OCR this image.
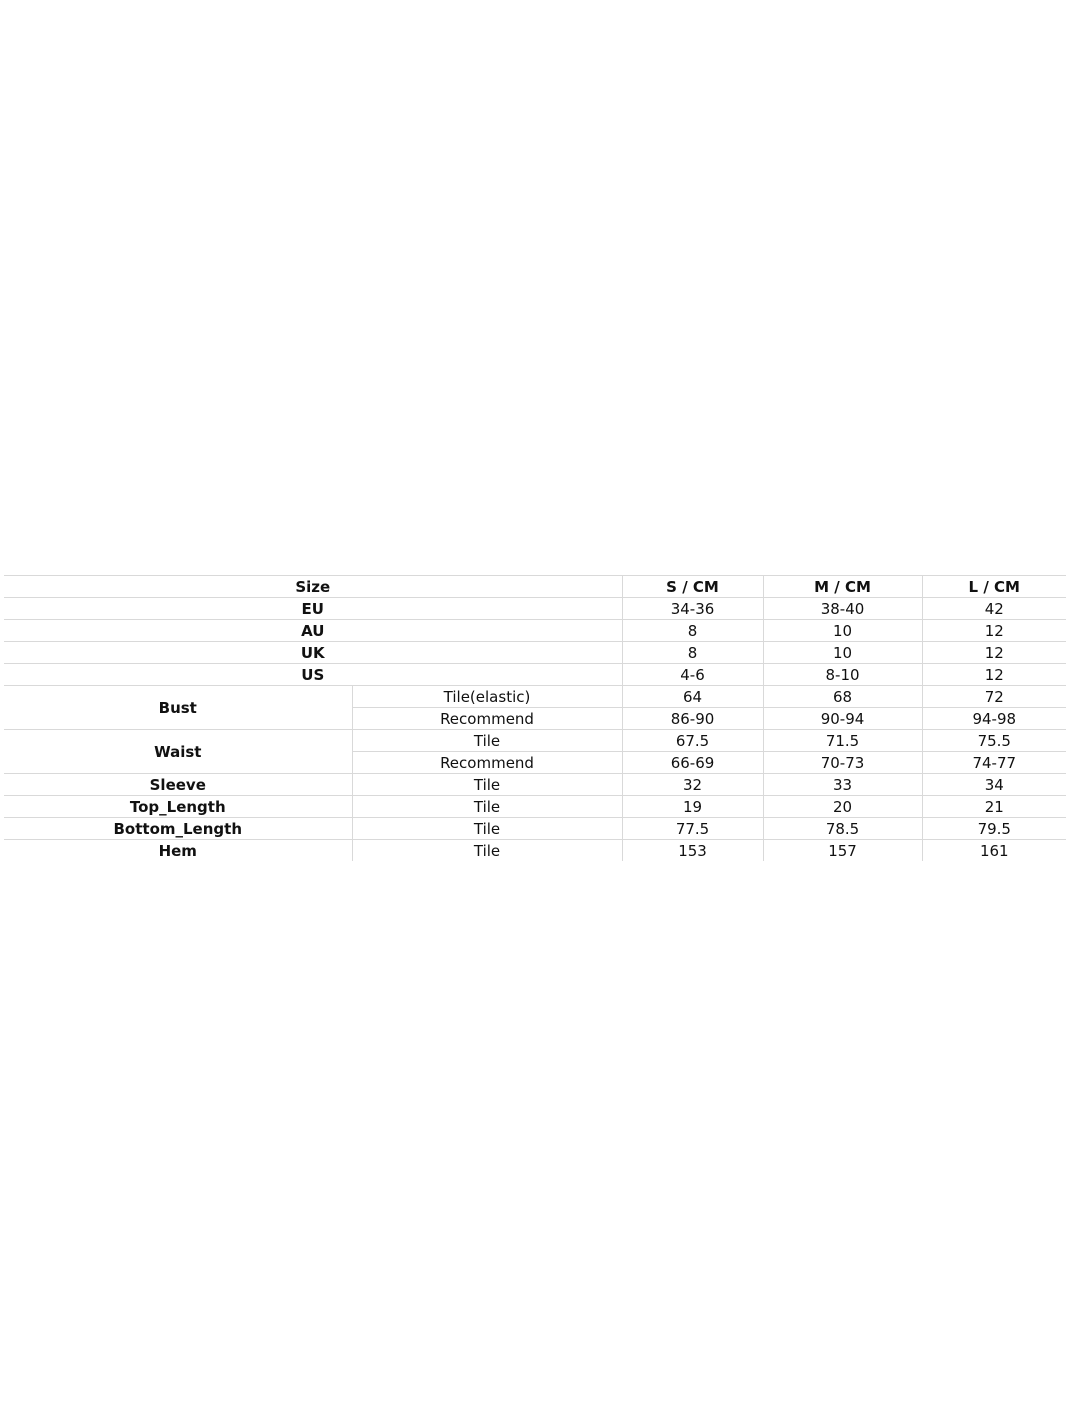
Size		S / CM	M / CM	L / CM
EU		34-36	38-40	42
AU		8	10	12
UK		8	10	12
US		4-6	8-10	12
Bust	Tile(elastic)	64	68	72
	Recommend	86-90	90-94	94-98
Waist	Tile	67.5	71.5	75.5
	Recommend	66-69	70-73	74-77
Sleeve	Tile	32	33	34
Top_Length	Tile	19	20	21
Bottom_Length	Tile	77.5	78.5	79.5
Hem	Tile	153	157	161
